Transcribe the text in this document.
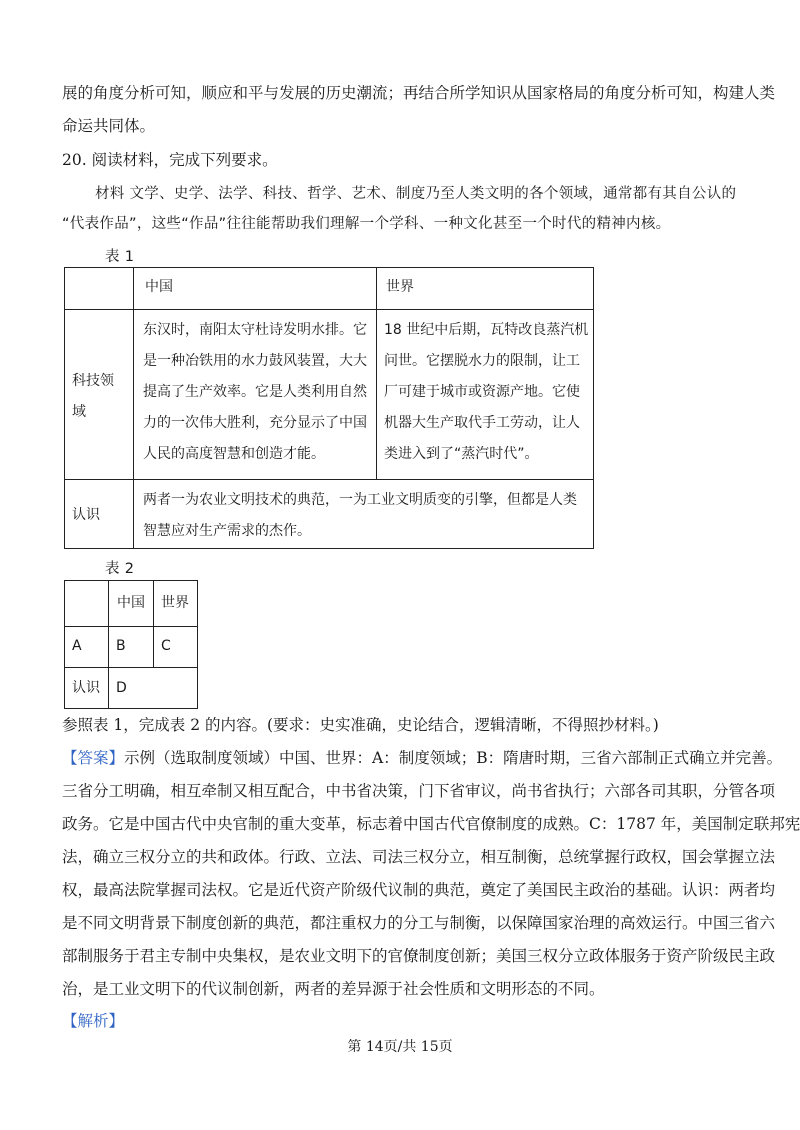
展的角度分析可知，顺应和平与发展的历史潮流；再结合所学知识从国家格局的角度分析可知，构建人类
命运共同体。
20. 阅读材料，完成下列要求。
材料 文学、史学、法学、科技、哲学、艺术、制度乃至人类文明的各个领域，通常都有其自公认的
“代表作品”，这些“作品”往往能帮助我们理解一个学科、一种文化甚至一个时代的精神内核。
表 1
中国	世界
科技领
域
东汉时，南阳太守杜诗发明水排。它
是一种冶铁用的水力鼓风装置，大大
提高了生产效率。它是人类利用自然
力的一次伟大胜利，充分显示了中国
人民的高度智慧和创造才能。
18 世纪中后期，瓦特改良蒸汽机
问世。它摆脱水力的限制，让工
厂可建于城市或资源产地。它使
机器大生产取代手工劳动，让人
类进入到了“蒸汽时代”。
认识
两者一为农业文明技术的典范，一为工业文明质变的引擎，但都是人类
智慧应对生产需求的杰作。
表 2
中国 世界
A B	C
认识 D
参照表 1，完成表 2 的内容。(要求：史实准确，史论结合，逻辑清晰，不得照抄材料。)
【答案】示例（选取制度领域）中国、世界：A：制度领域；B：隋唐时期，三省六部制正式确立并完善。
三省分工明确，相互牵制又相互配合，中书省决策，门下省审议，尚书省执行；六部各司其职，分管各项
政务。它是中国古代中央官制的重大变革，标志着中国古代官僚制度的成熟。C：1787 年，美国制定联邦宪
法，确立三权分立的共和政体。行政、立法、司法三权分立，相互制衡，总统掌握行政权，国会掌握立法
权，最高法院掌握司法权。它是近代资产阶级代议制的典范，奠定了美国民主政治的基础。认识：两者均
是不同文明背景下制度创新的典范，都注重权力的分工与制衡，以保障国家治理的高效运行。中国三省六
部制服务于君主专制中央集权，是农业文明下的官僚制度创新；美国三权分立政体服务于资产阶级民主政
治，是工业文明下的代议制创新，两者的差异源于社会性质和文明形态的不同。
【解析】
第 14页/共 15页
